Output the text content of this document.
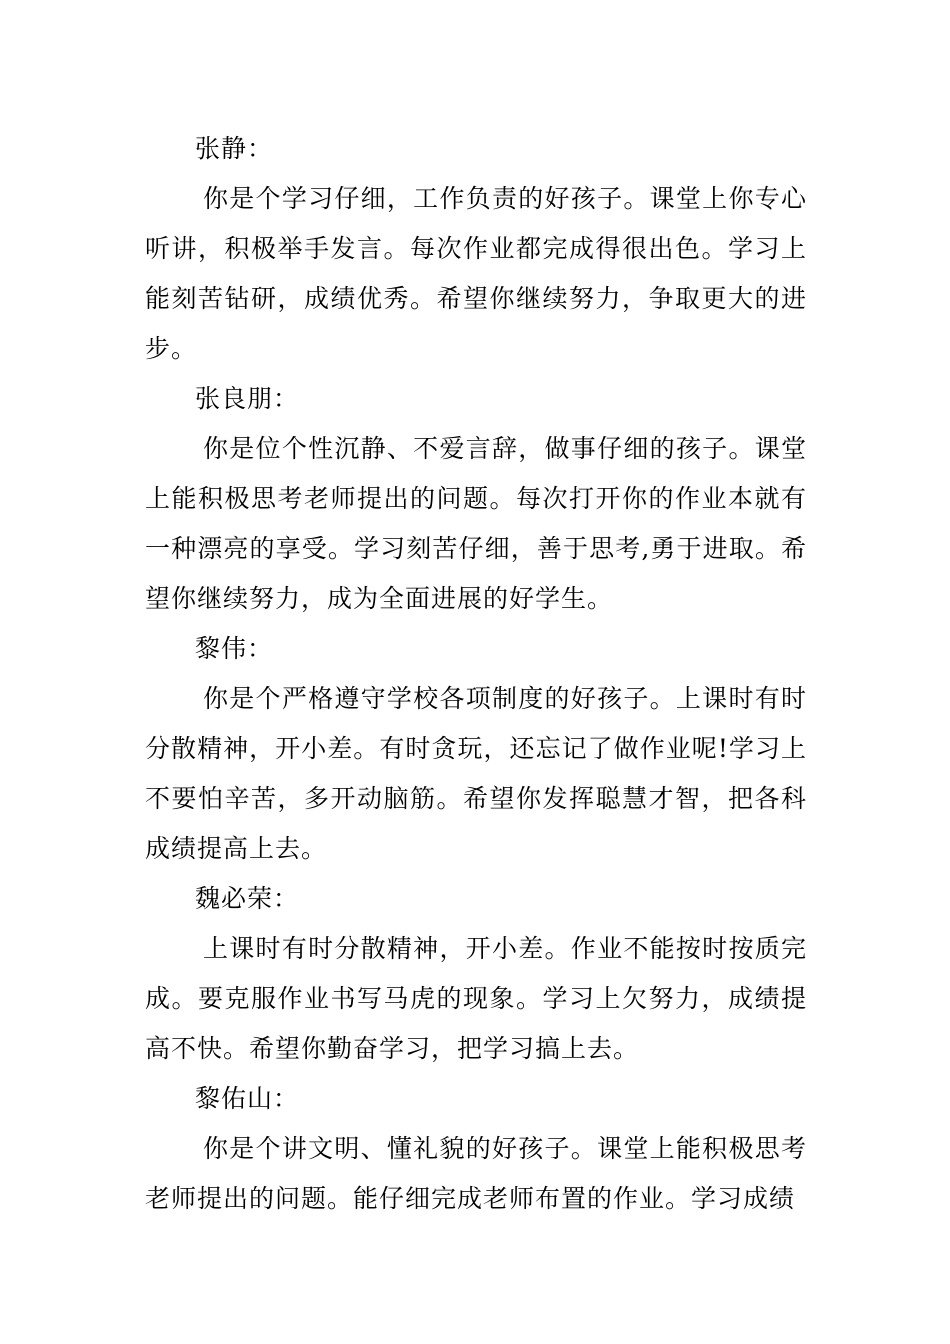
张静：

你是个学习仔细，工作负责的好孩子。课堂上你专心听讲，积极举手发言。每次作业都完成得很出色。学习上能刻苦钻研，成绩优秀。希望你继续努力，争取更大的进步。

张良朋：

你是位个性沉静、不爱言辞，做事仔细的孩子。课堂上能积极思考老师提出的问题。每次打开你的作业本就有一种漂亮的享受。学习刻苦仔细，善于思考,勇于进取。希望你继续努力，成为全面进展的好学生。

黎伟：

你是个严格遵守学校各项制度的好孩子。上课时有时分散精神，开小差。有时贪玩，还忘记了做作业呢!学习上不要怕辛苦，多开动脑筋。希望你发挥聪慧才智，把各科成绩提高上去。

魏必荣：

上课时有时分散精神，开小差。作业不能按时按质完成。要克服作业书写马虎的现象。学习上欠努力，成绩提高不快。希望你勤奋学习，把学习搞上去。

黎佑山：

你是个讲文明、懂礼貌的好孩子。课堂上能积极思考老师提出的问题。能仔细完成老师布置的作业。学习成绩
